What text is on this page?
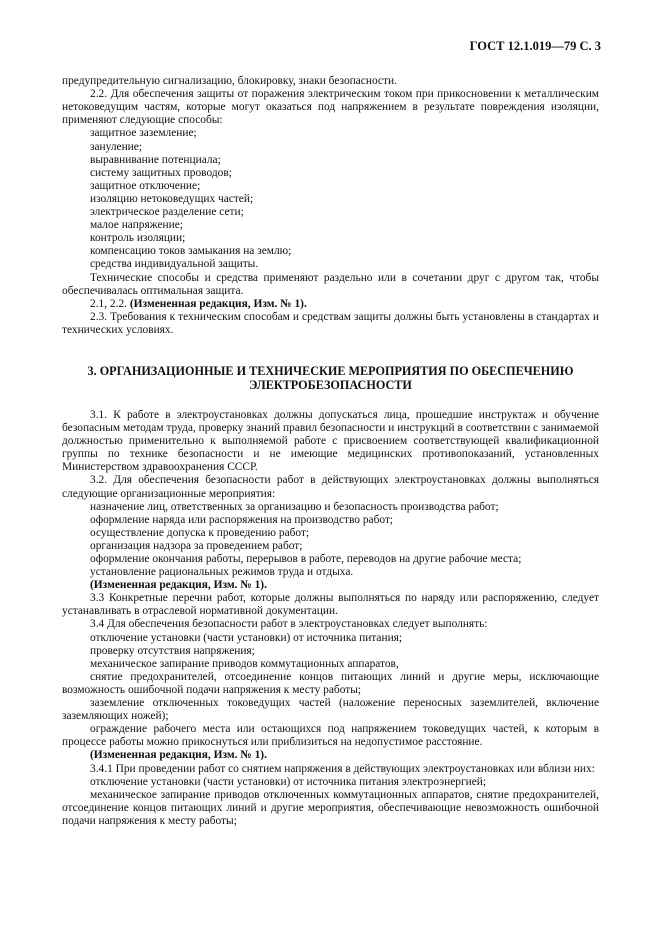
ГОСТ 12.1.019—79 С. 3

предупредительную сигнализацию, блокировку, знаки безопасности.

2.2. Для обеспечения защиты от поражения электрическим током при прикосновении к металлическим нетоковедущим частям, которые могут оказаться под напряжением в результате повреждения изоляции, применяют следующие способы:

защитное заземление;

зануление;

выравнивание потенциала;

систему защитных проводов;

защитное отключение;

изоляцию нетоковедущих частей;

электрическое разделение сети;

малое напряжение;

контроль изоляции;

компенсацию токов замыкания на землю;

средства индивидуальной защиты.

Технические способы и средства применяют раздельно или в сочетании друг с другом так, чтобы обеспечивалась оптимальная защита.

2.1, 2.2. (Измененная редакция, Изм. № 1).

2.3. Требования к техническим способам и средствам защиты должны быть установлены в стандартах и технических условиях.

3. ОРГАНИЗАЦИОННЫЕ И ТЕХНИЧЕСКИЕ МЕРОПРИЯТИЯ ПО ОБЕСПЕЧЕНИЮ ЭЛЕКТРОБЕЗОПАСНОСТИ

3.1. К работе в электроустановках должны допускаться лица, прошедшие инструктаж и обучение безопасным методам труда, проверку знаний правил безопасности и инструкций в соответствии с занимаемой должностью применительно к выполняемой работе с присвоением соответствующей квалификационной группы по технике безопасности и не имеющие медицинских противопоказаний, установленных Министерством здравоохранения СССР.

3.2. Для обеспечения безопасности работ в действующих электроустановках должны выполняться следующие организационные мероприятия:

назначение лиц, ответственных за организацию и безопасность производства работ;

оформление наряда или распоряжения на производство работ;

осуществление допуска к проведению работ;

организация надзора за проведением работ;

оформление окончания работы, перерывов в работе, переводов на другие рабочие места;

установление рациональных режимов труда и отдыха.

(Измененная редакция, Изм. № 1).

3.3 Конкретные перечни работ, которые должны выполняться по наряду или распоряжению, следует устанавливать в отраслевой нормативной документации.

3.4 Для обеспечения безопасности работ в электроустановках следует выполнять:

отключение установки (части установки) от источника питания;

проверку отсутствия напряжения;

механическое запирание приводов коммутационных аппаратов,

снятие предохранителей, отсоединение концов питающих линий и другие меры, исключающие возможность ошибочной подачи напряжения к месту работы;

заземление отключенных токоведущих частей (наложение переносных заземлителей, включение заземляющих ножей);

ограждение рабочего места или остающихся под напряжением токоведущих частей, к которым в процессе работы можно прикоснуться или приблизиться на недопустимое расстояние.

(Измененная редакция, Изм. № 1).

3.4.1 При проведении работ со снятием напряжения в действующих электроустановках или вблизи них:

отключение установки (части установки) от источника питания электроэнергией;

механическое запирание приводов отключенных коммутационных аппаратов, снятие предохранителей, отсоединение концов питающих линий и другие мероприятия, обеспечивающие невозможность ошибочной подачи напряжения к месту работы;
